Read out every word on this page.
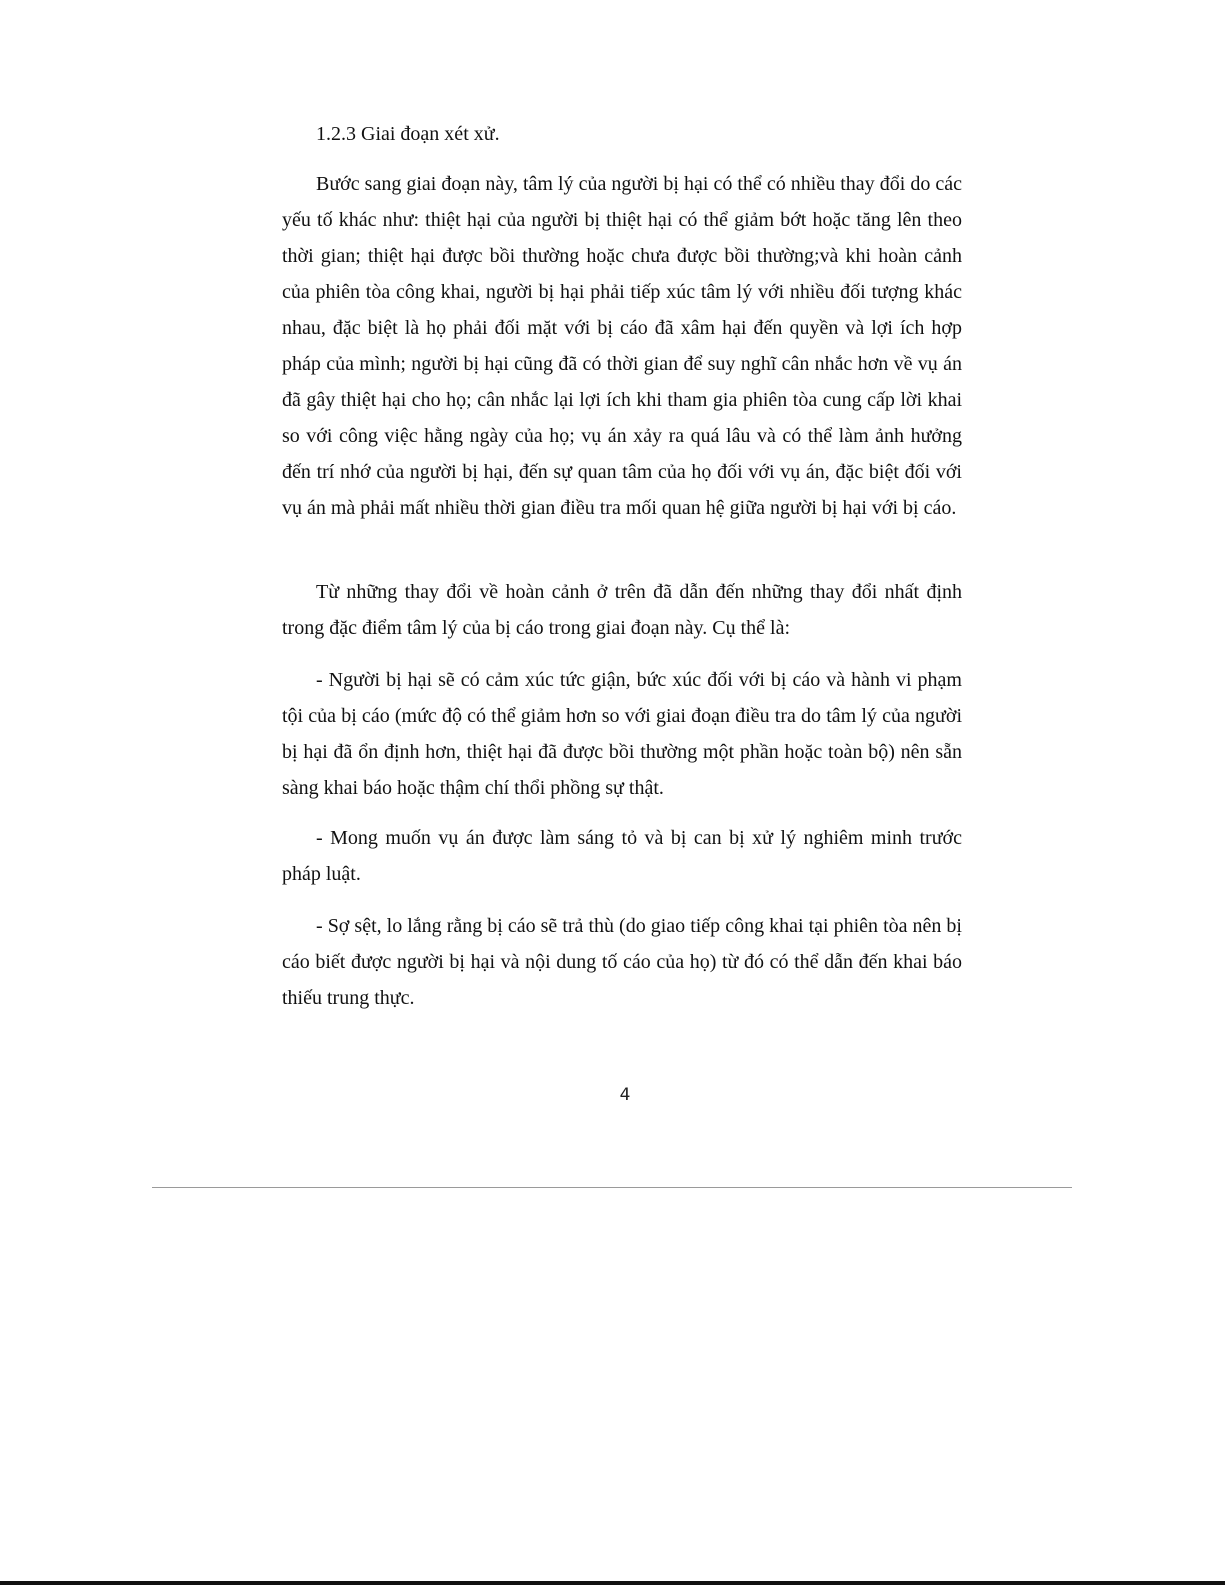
1.2.3 Giai đoạn xét xử.

Bước sang giai đoạn này, tâm lý của người bị hại có thể có nhiều thay đổi do các yếu tố khác như: thiệt hại của người bị thiệt hại có thể giảm bớt hoặc tăng lên theo thời gian; thiệt hại được bồi thường hoặc chưa được bồi thường;và khi hoàn cảnh của phiên tòa công khai, người bị hại phải tiếp xúc tâm lý với nhiều đối tượng khác nhau, đặc biệt là họ phải đối mặt với bị cáo đã xâm hại đến quyền và lợi ích hợp pháp của mình; người bị hại cũng đã có thời gian để suy nghĩ cân nhắc hơn về vụ án đã gây thiệt hại cho họ; cân nhắc lại lợi ích khi tham gia phiên tòa cung cấp lời khai so với công việc hằng ngày của họ; vụ án xảy ra quá lâu và có thể làm ảnh hưởng đến trí nhớ của người bị hại, đến sự quan tâm của họ đối với vụ án, đặc biệt đối với vụ án mà phải mất nhiều thời gian điều tra mối quan hệ giữa người bị hại với bị cáo.

Từ những thay đổi về hoàn cảnh ở trên đã dẫn đến những thay đổi nhất định trong đặc điểm tâm lý của bị cáo trong giai đoạn này. Cụ thể là:

- Người bị hại sẽ có cảm xúc tức giận, bức xúc đối với bị cáo và hành vi phạm tội của bị cáo (mức độ có thể giảm hơn so với giai đoạn điều tra do tâm lý của người bị hại đã ổn định hơn, thiệt hại đã được bồi thường một phần hoặc toàn bộ) nên sẵn sàng khai báo hoặc thậm chí thổi phồng sự thật.

- Mong muốn vụ án được làm sáng tỏ và bị can bị xử lý nghiêm minh trước pháp luật.

- Sợ sệt, lo lắng rằng bị cáo sẽ trả thù (do giao tiếp công khai tại phiên tòa nên bị cáo biết được người bị hại và nội dung tố cáo của họ) từ đó có thể dẫn đến khai báo thiếu trung thực.

4
